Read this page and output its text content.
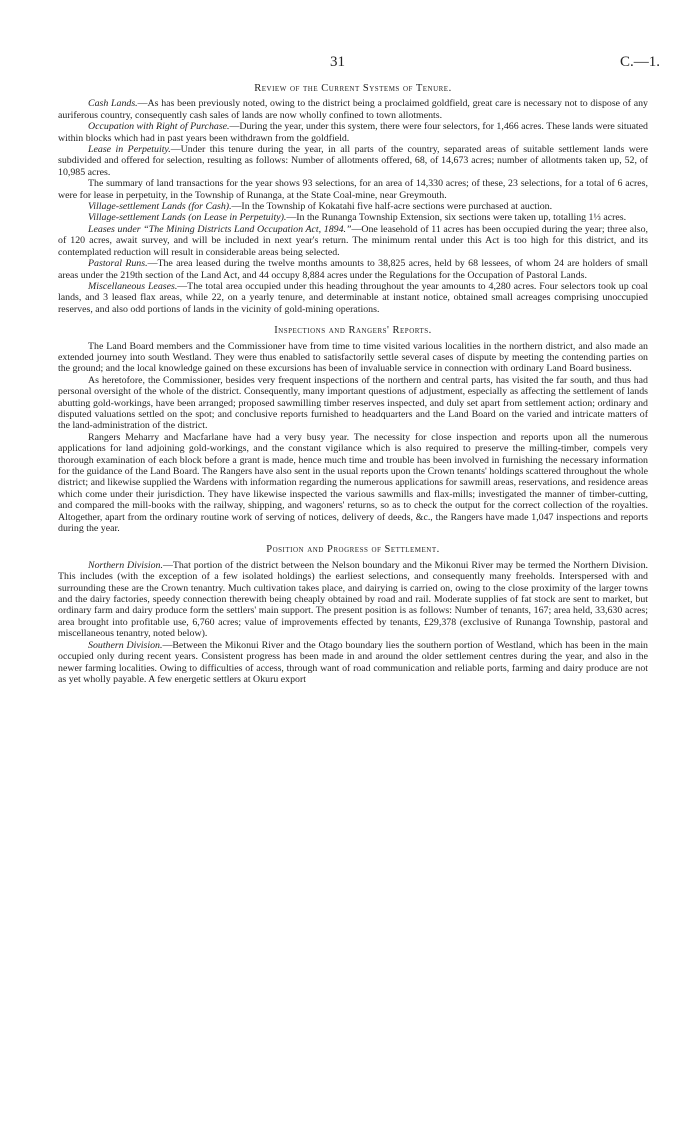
31	C.—1.
Review of the Current Systems of Tenure.

Cash Lands.—As has been previously noted, owing to the district being a proclaimed goldfield, great care is necessary not to dispose of any auriferous country, consequently cash sales of lands are now wholly confined to town allotments.

Occupation with Right of Purchase.—During the year, under this system, there were four selectors, for 1,466 acres. These lands were situated within blocks which had in past years been withdrawn from the goldfield.

Lease in Perpetuity.—Under this tenure during the year, in all parts of the country, separated areas of suitable settlement lands were subdivided and offered for selection, resulting as follows: Number of allotments offered, 68, of 14,673 acres; number of allotments taken up, 52, of 10,985 acres.

The summary of land transactions for the year shows 93 selections, for an area of 14,330 acres; of these, 23 selections, for a total of 6 acres, were for lease in perpetuity, in the Township of Runanga, at the State Coal-mine, near Greymouth.

Village-settlement Lands (for Cash).—In the Township of Kokatahi five half-acre sections were purchased at auction.

Village-settlement Lands (on Lease in Perpetuity).—In the Runanga Township Extension, six sections were taken up, totalling 1⅓ acres.

Leases under “The Mining Districts Land Occupation Act, 1894.”—One leasehold of 11 acres has been occupied during the year; three also, of 120 acres, await survey, and will be included in next year's return. The minimum rental under this Act is too high for this district, and its contemplated reduction will result in considerable areas being selected.

Pastoral Runs.—The area leased during the twelve months amounts to 38,825 acres, held by 68 lessees, of whom 24 are holders of small areas under the 219th section of the Land Act, and 44 occupy 8,884 acres under the Regulations for the Occupation of Pastoral Lands.

Miscellaneous Leases.—The total area occupied under this heading throughout the year amounts to 4,280 acres. Four selectors took up coal lands, and 3 leased flax areas, while 22, on a yearly tenure, and determinable at instant notice, obtained small acreages comprising unoccupied reserves, and also odd portions of lands in the vicinity of gold-mining operations.

Inspections and Rangers' Reports.

The Land Board members and the Commissioner have from time to time visited various localities in the northern district, and also made an extended journey into south Westland. They were thus enabled to satisfactorily settle several cases of dispute by meeting the contending parties on the ground; and the local knowledge gained on these excursions has been of invaluable service in connection with ordinary Land Board business.

As heretofore, the Commissioner, besides very frequent inspections of the northern and central parts, has visited the far south, and thus had personal oversight of the whole of the district. Consequently, many important questions of adjustment, especially as affecting the settlement of lands abutting gold-workings, have been arranged; proposed sawmilling timber reserves inspected, and duly set apart from settlement action; ordinary and disputed valuations settled on the spot; and conclusive reports furnished to headquarters and the Land Board on the varied and intricate matters of the land-administration of the district.

Rangers Meharry and Macfarlane have had a very busy year. The necessity for close inspection and reports upon all the numerous applications for land adjoining gold-workings, and the constant vigilance which is also required to preserve the milling-timber, compels very thorough examination of each block before a grant is made, hence much time and trouble has been involved in furnishing the necessary information for the guidance of the Land Board. The Rangers have also sent in the usual reports upon the Crown tenants' holdings scattered throughout the whole district; and likewise supplied the Wardens with information regarding the numerous applications for sawmill areas, reservations, and residence areas which come under their jurisdiction. They have likewise inspected the various sawmills and flax-mills; investigated the manner of timber-cutting, and compared the mill-books with the railway, shipping, and wagoners' returns, so as to check the output for the correct collection of the royalties. Altogether, apart from the ordinary routine work of serving of notices, delivery of deeds, &c., the Rangers have made 1,047 inspections and reports during the year.

Position and Progress of Settlement.

Northern Division.—That portion of the district between the Nelson boundary and the Mikonui River may be termed the Northern Division. This includes (with the exception of a few isolated holdings) the earliest selections, and consequently many freeholds. Interspersed with and surrounding these are the Crown tenantry. Much cultivation takes place, and dairying is carried on, owing to the close proximity of the larger towns and the dairy factories, speedy connection therewith being cheaply obtained by road and rail. Moderate supplies of fat stock are sent to market, but ordinary farm and dairy produce form the settlers' main support. The present position is as follows: Number of tenants, 167; area held, 33,630 acres; area brought into profitable use, 6,760 acres; value of improvements effected by tenants, £29,378 (exclusive of Runanga Township, pastoral and miscellaneous tenantry, noted below).

Southern Division.—Between the Mikonui River and the Otago boundary lies the southern portion of Westland, which has been in the main occupied only during recent years. Consistent progress has been made in and around the older settlement centres during the year, and also in the newer farming localities. Owing to difficulties of access, through want of road communication and reliable ports, farming and dairy produce are not as yet wholly payable. A few energetic settlers at Okuru export
